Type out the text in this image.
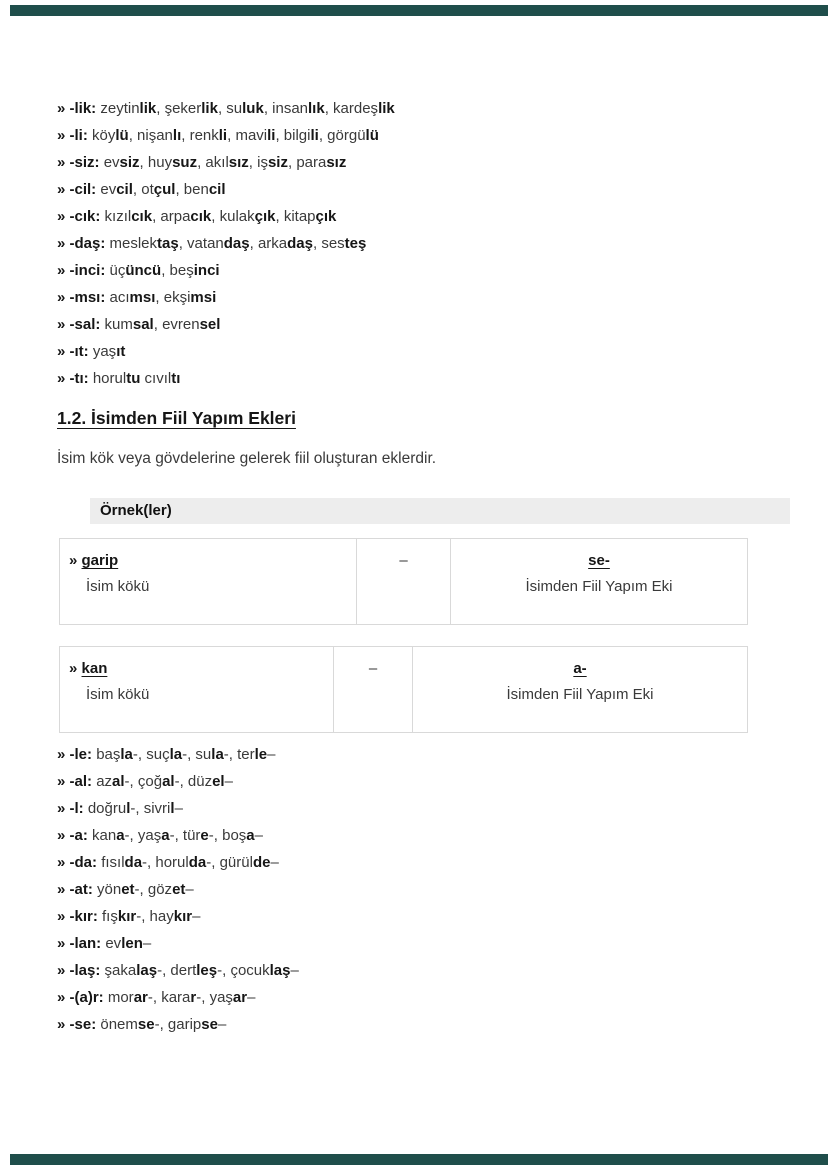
» -lik: zeytinlik, şekerlik, suluk, insanlık, kardeşlik
» -li: köylü, nişanlı, renkli, mavili, bilgili, görgülü
» -siz: evsiz, huysuz, akılsız, işsiz, parasız
» -cil: evcil, otçul, bencil
» -cık: kızılcık, arpacık, kulakçık, kitapçık
» -daş: meslektaş, vatandaş, arkadaş, sesteş
» -inci: üçüncü, beşinci
» -msı: acımsı, ekşimsi
» -sal: kumsal, evrensel
» -ıt: yaşıt
» -tı: horultu cıvıltı
1.2. İsimden Fiil Yapım Ekleri
İsim kök veya gövdelerine gelerek fiil oluşturan eklerdir.
Örnek(ler)
» garip
İsim kökü
–	se-
İsimden Fiil Yapım Eki
» kan
İsim kökü
–	a-
İsimden Fiil Yapım Eki
» -le: başla-, suçla-, sula-, terle–
» -al: azal-, çoğal-, düzel–
» -l: doğrul-, sivril–
» -a: kana-, yaşa-, türe-, boşa–
» -da: fısılda-, horulda-, gürülde–
» -at: yönet-, gözet–
» -kır: fışkır-, haykır–
» -lan: evlen–
» -laş: şakalaş-, dertleş-, çocuklaş–
» -(a)r: morar-, karar-, yaşar–
» -se: önemse-, garipse–
